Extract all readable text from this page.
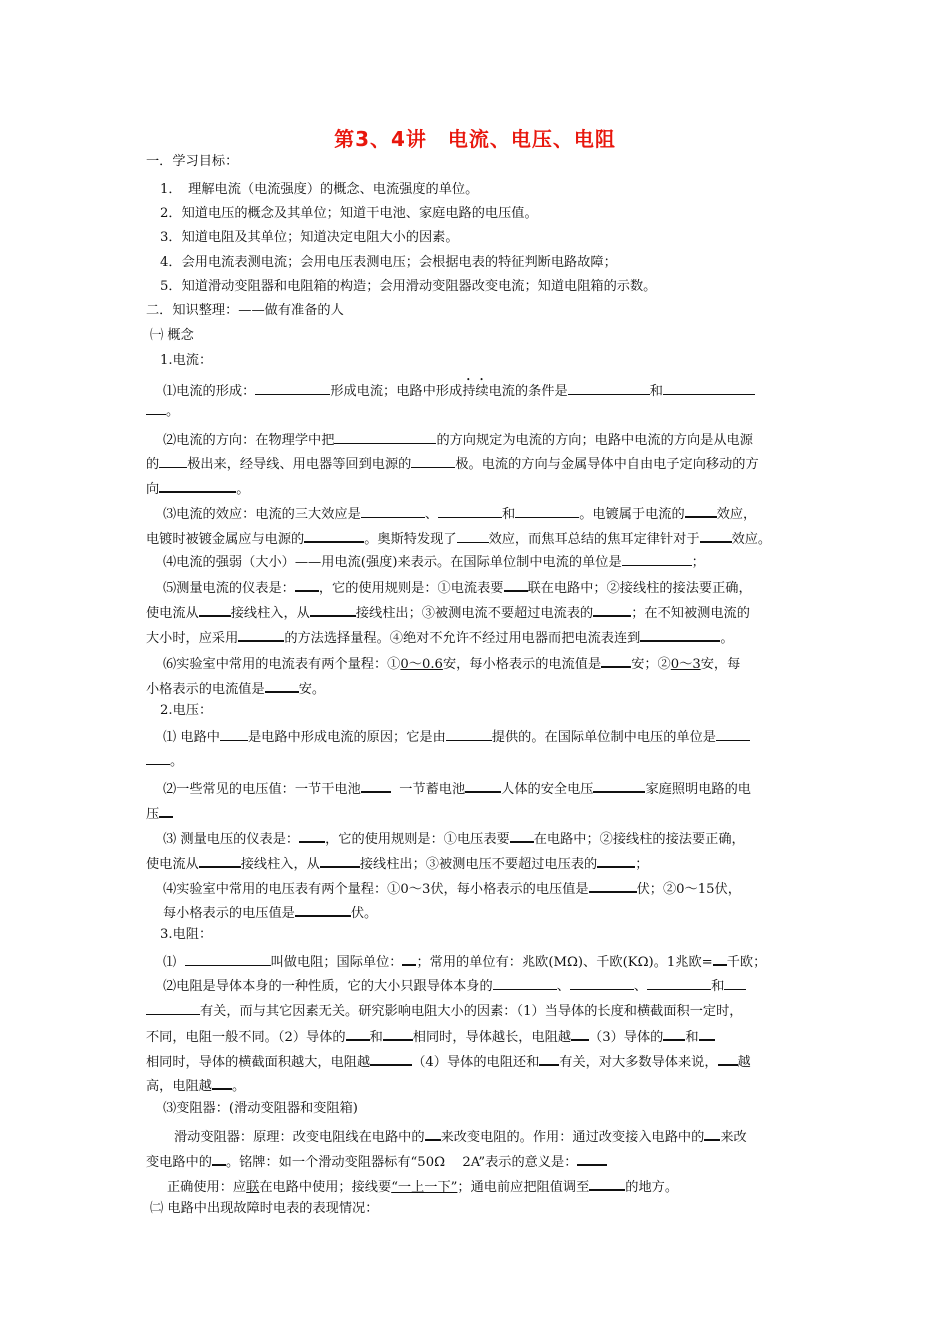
第3、4讲　电流、电压、电阻
一．学习目标：
1．　理解电流（电流强度）的概念、电流强度的单位。
2．知道电压的概念及其单位；知道干电池、家庭电路的电压值。
3．知道电阻及其单位；知道决定电阻大小的因素。
4．会用电流表测电流；会用电压表测电压；会根据电表的特征判断电路故障；
5．知道滑动变阻器和电阻箱的构造；会用滑动变阻器改变电流；知道电阻箱的示数。
二．知识整理：——做有准备的人
㈠ 概念
1.电流：
⑴电流的形成：	形成电流；电路中形成持续电流的条件是	和
。
⑵电流的方向：在物理学中把	的方向规定为电流的方向；电路中电流的方向是从电源
的 极出来，经导线、用电器等回到电源的	极。电流的方向与金属导体中自由电子定向移动的方
向	。
⑶电流的效应：电流的三大效应是	、	和	。电镀属于电流的 效应，
电镀时被镀金属应与电源的	。奥斯特发现了 效应，而焦耳总结的焦耳定律针对于 效应。
⑷电流的强弱（大小）——用电流(强度)来表示。在国际单位制中电流的单位是	；
⑸测量电流的仪表是： ，它的使用规则是：①电流表要 联在电路中；②接线柱的接法要正确，
使电流从 接线柱入，从	接线柱出；③被测电流不要超过电流表的	；在不知被测电流的
大小时，应采用	的方法选择量程。④绝对不允许不经过用电器而把电流表连到	。
⑹实验室中常用的电流表有两个量程：①0～0.6安，每小格表示的电流值是 安；②0～3安，每
小格表示的电流值是	安。
2.电压：
⑴ 电路中 是电路中形成电流的原因；它是由	提供的。在国际单位制中电压的单位是
。
⑵一些常见的电压值：一节干电池	一节蓄电池	人体的安全电压	家庭照明电路的电
压
⑶ 测量电压的仪表是： ，它的使用规则是：①电压表要 在电路中；②接线柱的接法要正确，
使电流从	接线柱入，从	接线柱出；③被测电压不要超过电压表的	；
⑷实验室中常用的电压表有两个量程：①0～3伏，每小格表示的电压值是	伏；②0～15伏，
每小格表示的电压值是	伏。
3.电阻：
⑴	叫做电阻；国际单位： ；常用的单位有：兆欧(MΩ)、千欧(KΩ)。1兆欧= 千欧；
⑵电阻是导体本身的一种性质，它的大小只跟导体本身的	、	、	和
有关，而与其它因素无关。研究影响电阻大小的因素：（1）当导体的长度和横截面积一定时，
不同，电阻一般不同。（2）导体的 和 相同时，导体越长，电阻越 （3）导体的 和
相同时，导体的横截面积越大，电阻越	（4）导体的电阻还和 有关，对大多数导体来说， 越
高，电阻越 。
⑶变阻器：(滑动变阻器和变阻箱)
滑动变阻器：原理：改变电阻线在电路中的 来改变电阻的。作用：通过改变接入电路中的 来改
变电路中的 。铭牌：如一个滑动变阻器标有“50Ω　 2A”表示的意义是：
正确使用：应联在电路中使用；接线要“一上一下”；通电前应把阻值调至	的地方。
㈡ 电路中出现故障时电表的表现情况：
